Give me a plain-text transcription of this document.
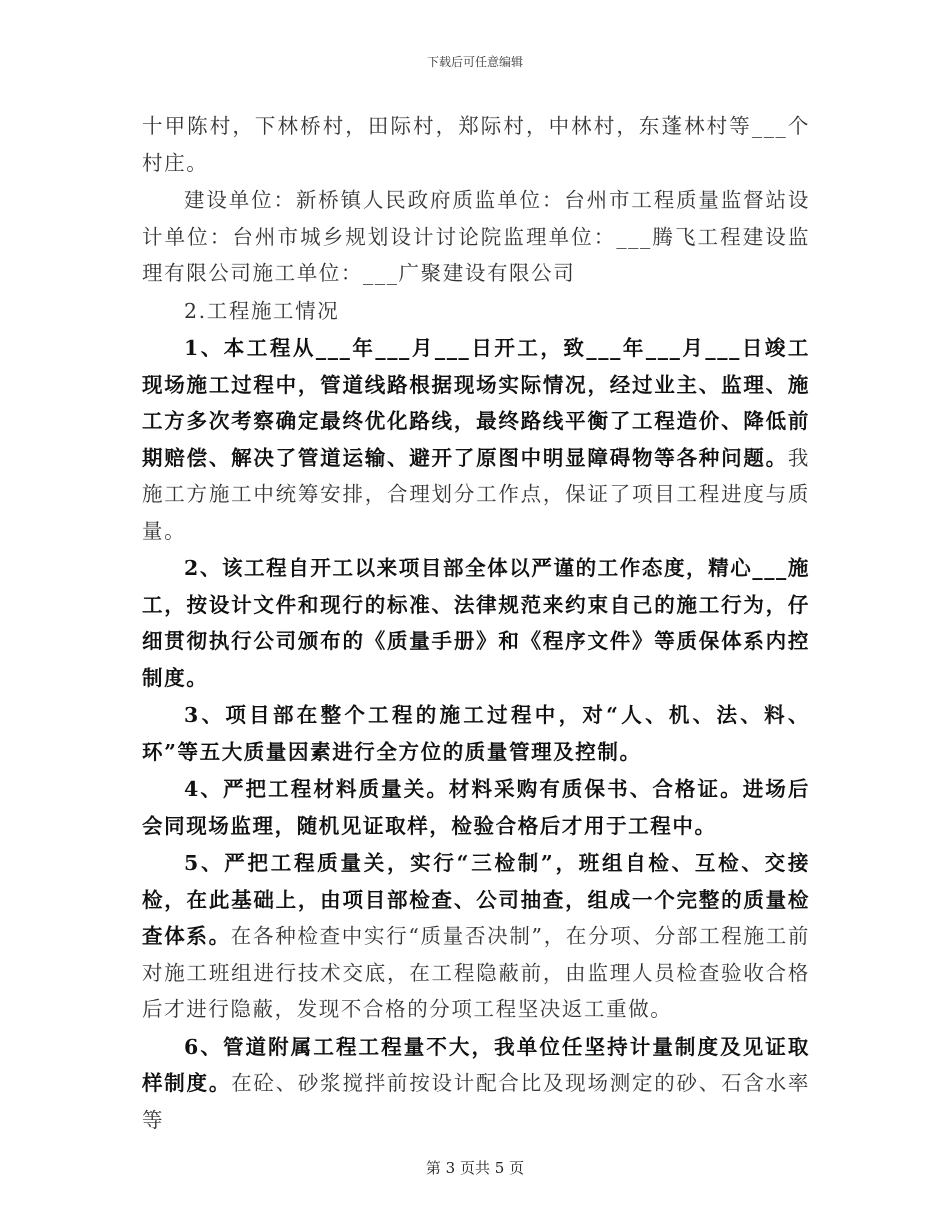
下载后可任意编辑

十甲陈村，下林桥村，田际村，郑际村，中林村，东蓬林村等___个村庄。

建设单位：新桥镇人民政府质监单位：台州市工程质量监督站设计单位：台州市城乡规划设计讨论院监理单位：___腾飞工程建设监理有限公司施工单位：___广聚建设有限公司

2.工程施工情况

1、本工程从___年___月___日开工，致___年___月___日竣工现场施工过程中，管道线路根据现场实际情况，经过业主、监理、施工方多次考察确定最终优化路线，最终路线平衡了工程造价、降低前期赔偿、解决了管道运输、避开了原图中明显障碍物等各种问题。我施工方施工中统筹安排，合理划分工作点，保证了项目工程进度与质量。

2、该工程自开工以来项目部全体以严谨的工作态度，精心___施工，按设计文件和现行的标准、法律规范来约束自己的施工行为，仔细贯彻执行公司颁布的《质量手册》和《程序文件》等质保体系内控制度。

3、项目部在整个工程的施工过程中，对“人、机、法、料、环”等五大质量因素进行全方位的质量管理及控制。

4、严把工程材料质量关。材料采购有质保书、合格证。进场后会同现场监理，随机见证取样，检验合格后才用于工程中。

5、严把工程质量关，实行“三检制”，班组自检、互检、交接检，在此基础上，由项目部检查、公司抽查，组成一个完整的质量检查体系。在各种检查中实行“质量否决制”，在分项、分部工程施工前对施工班组进行技术交底，在工程隐蔽前，由监理人员检查验收合格后才进行隐蔽，发现不合格的分项工程坚决返工重做。

6、管道附属工程工程量不大，我单位任坚持计量制度及见证取样制度。在砼、砂浆搅拌前按设计配合比及现场测定的砂、石含水率等

第 3 页共 5 页
